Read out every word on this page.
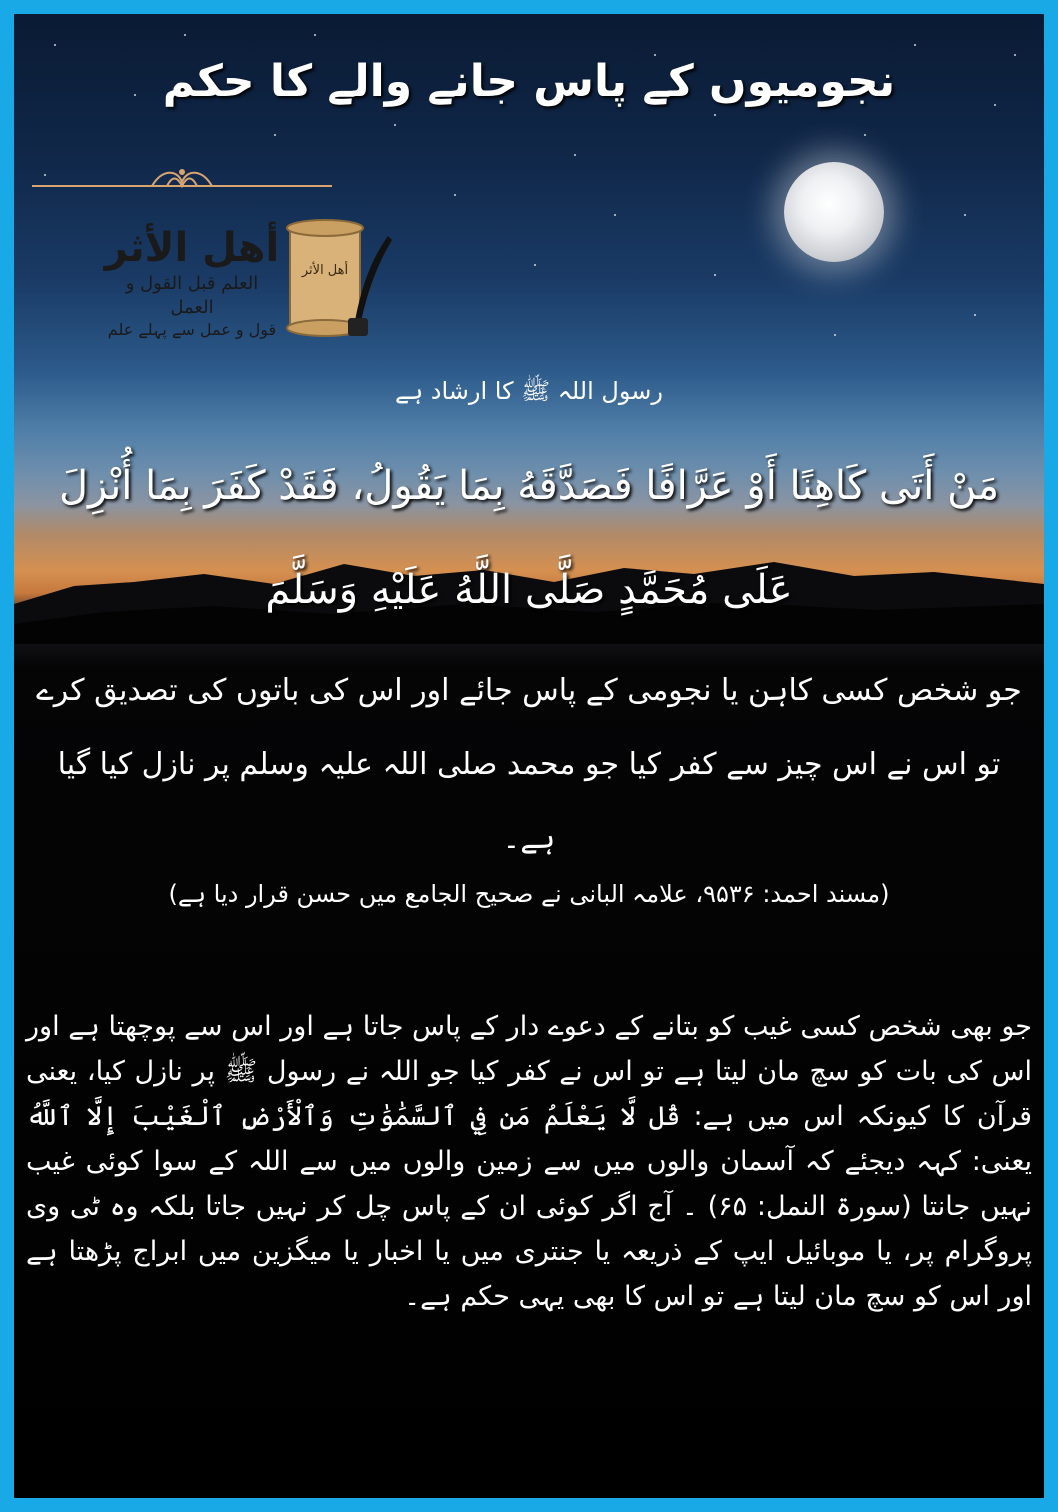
نجومیوں کے پاس جانے والے کا حکم
أهل الأثر
العلم قبل القول و العمل
قول و عمل سے پہلے علم
أهل الأثر
رسول اللہ ﷺ کا ارشاد ہے
مَنْ أَتَى كَاهِنًا أَوْ عَرَّافًا فَصَدَّقَهُ بِمَا يَقُولُ، فَقَدْ كَفَرَ بِمَا أُنْزِلَ عَلَى مُحَمَّدٍ صَلَّى اللَّهُ عَلَيْهِ وَسَلَّمَ
جو شخص کسی کاہن یا نجومی کے پاس جائے اور اس کی باتوں کی تصدیق کرے تو اس نے اس چیز سے کفر کیا جو محمد صلی اللہ علیہ وسلم پر نازل کیا گیا ہے۔
(مسند احمد: ۹۵۳۶، علامہ البانی نے صحیح الجامع میں حسن قرار دیا ہے)
جو بھی شخص کسی غیب کو بتانے کے دعوے دار کے پاس جاتا ہے اور اس سے پوچھتا ہے اور اس کی بات کو سچ مان لیتا ہے تو اس نے کفر کیا جو اللہ نے رسول ﷺ پر نازل کیا، یعنی قرآن کا کیونکہ اس میں ہے: قُل لَّا يَعْلَمُ مَن فِي ٱلسَّمَٰوَٰتِ وَٱلْأَرْضِ ٱلْغَيْبَ إِلَّا ٱللَّهُ یعنی: کہہ دیجئے کہ آسمان والوں میں سے زمین والوں میں سے اللہ کے سوا کوئی غیب نہیں جانتا (سورۃ النمل: ۶۵) ۔ آج اگر کوئی ان کے پاس چل کر نہیں جاتا بلکہ وہ ٹی وی پروگرام پر، یا موبائیل ایپ کے ذریعہ یا جنتری میں یا اخبار یا میگزین میں ابراج پڑھتا ہے اور اس کو سچ مان لیتا ہے تو اس کا بھی یہی حکم ہے۔
